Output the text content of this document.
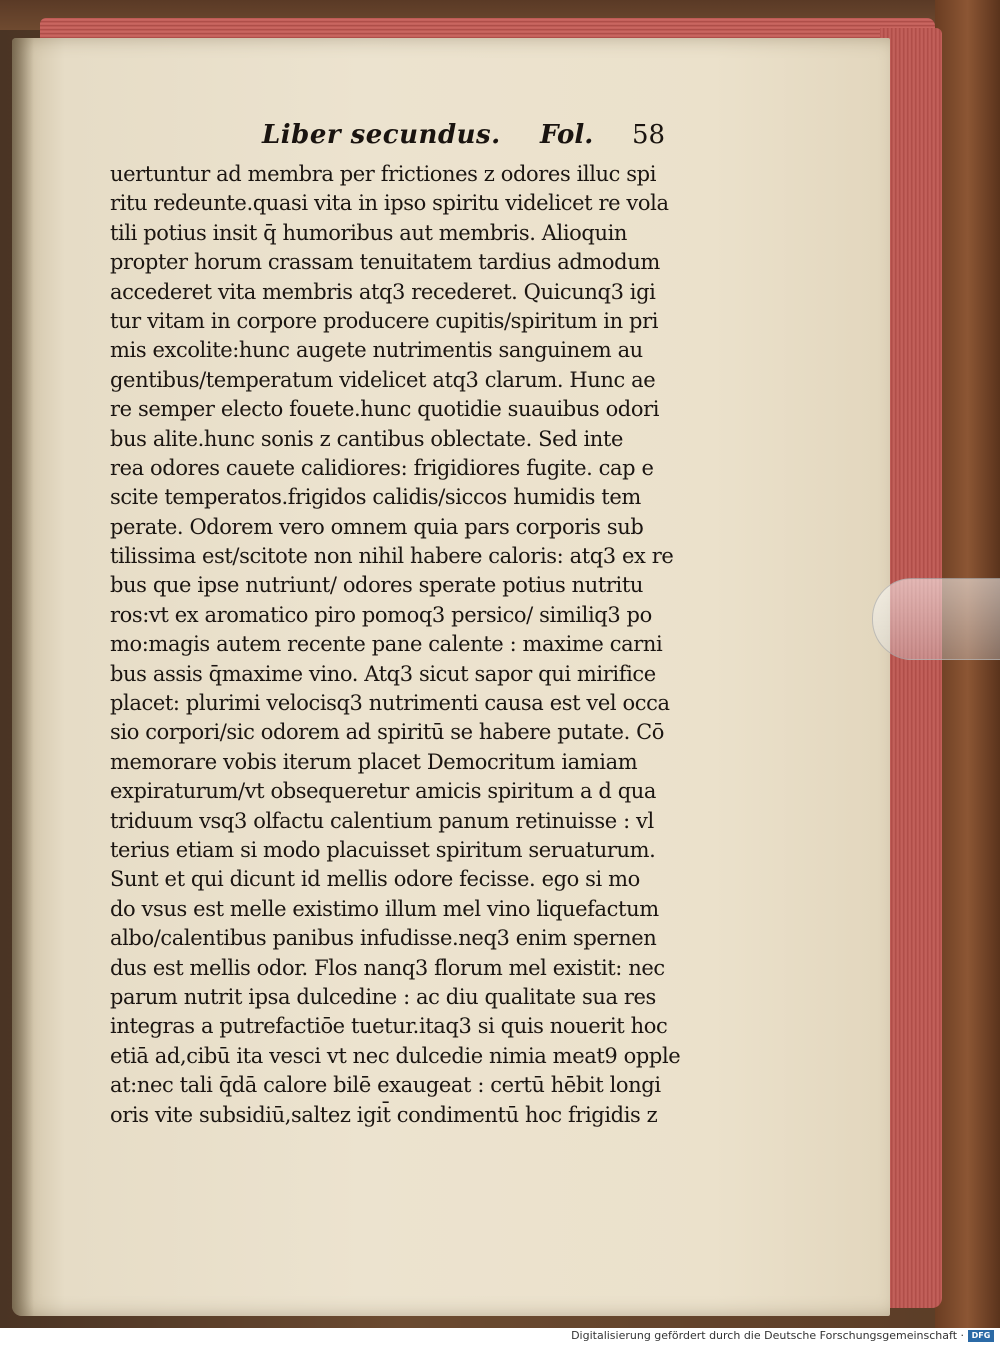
Liber secundus. Fol. 58
uertuntur ad membra per frictiones z odores illuc spi
ritu redeunte.quasi vita in ipso spiritu videlicet re vola
tili potius insit q̄ humoribus aut membris. Alioquin
propter horum crassam tenuitatem tardius admodum
accederet vita membris atq3 recederet. Quicunq3 igi
tur vitam in corpore producere cupitis/spiritum in pri
mis excolite:hunc augete nutrimentis sanguinem au
gentibus/temperatum videlicet atq3 clarum. Hunc ae
re semper electo fouete.hunc quotidie suauibus odori
bus alite.hunc sonis z cantibus oblectate. Sed inte
rea odores cauete calidiores: frigidiores fugite. cap e
scite temperatos.frigidos calidis/siccos humidis tem
perate. Odorem vero omnem quia pars corporis sub
tilissima est/scitote non nihil habere caloris: atq3 ex re
bus que ipse nutriunt/ odores sperate potius nutritu
ros:vt ex aromatico piro pomoq3 persico/ similiq3 po
mo:magis autem recente pane calente : maxime carni
bus assis q̄maxime vino. Atq3 sicut sapor qui mirifice
placet: plurimi velocisq3 nutrimenti causa est vel occa
sio corpori/sic odorem ad spiritū se habere putate. Cō
memorare vobis iterum placet Democritum iamiam
expiraturum/vt obsequeretur amicis spiritum a d qua
triduum vsq3 olfactu calentium panum retinuisse : vl
terius etiam si modo placuisset spiritum seruaturum.
Sunt et qui dicunt id mellis odore fecisse. ego si mo
do vsus est melle existimo illum mel vino liquefactum
albo/calentibus panibus infudisse.neq3 enim spernen
dus est mellis odor. Flos nanq3 florum mel existit: nec
parum nutrit ipsa dulcedine : ac diu qualitate sua res
integras a putrefactiōe tuetur.itaq3 si quis nouerit hoc
etiā ad,cibū ita vesci vt nec dulcedie nimia meat9 opple
at:nec tali q̄dā calore bilē exaugeat : certū hēbit longi
oris vite subsidiū,saltez igit̄ condimentū hoc frigidis z
Digitalisierung gefördert durch die Deutsche Forschungsgemeinschaft · DFG
